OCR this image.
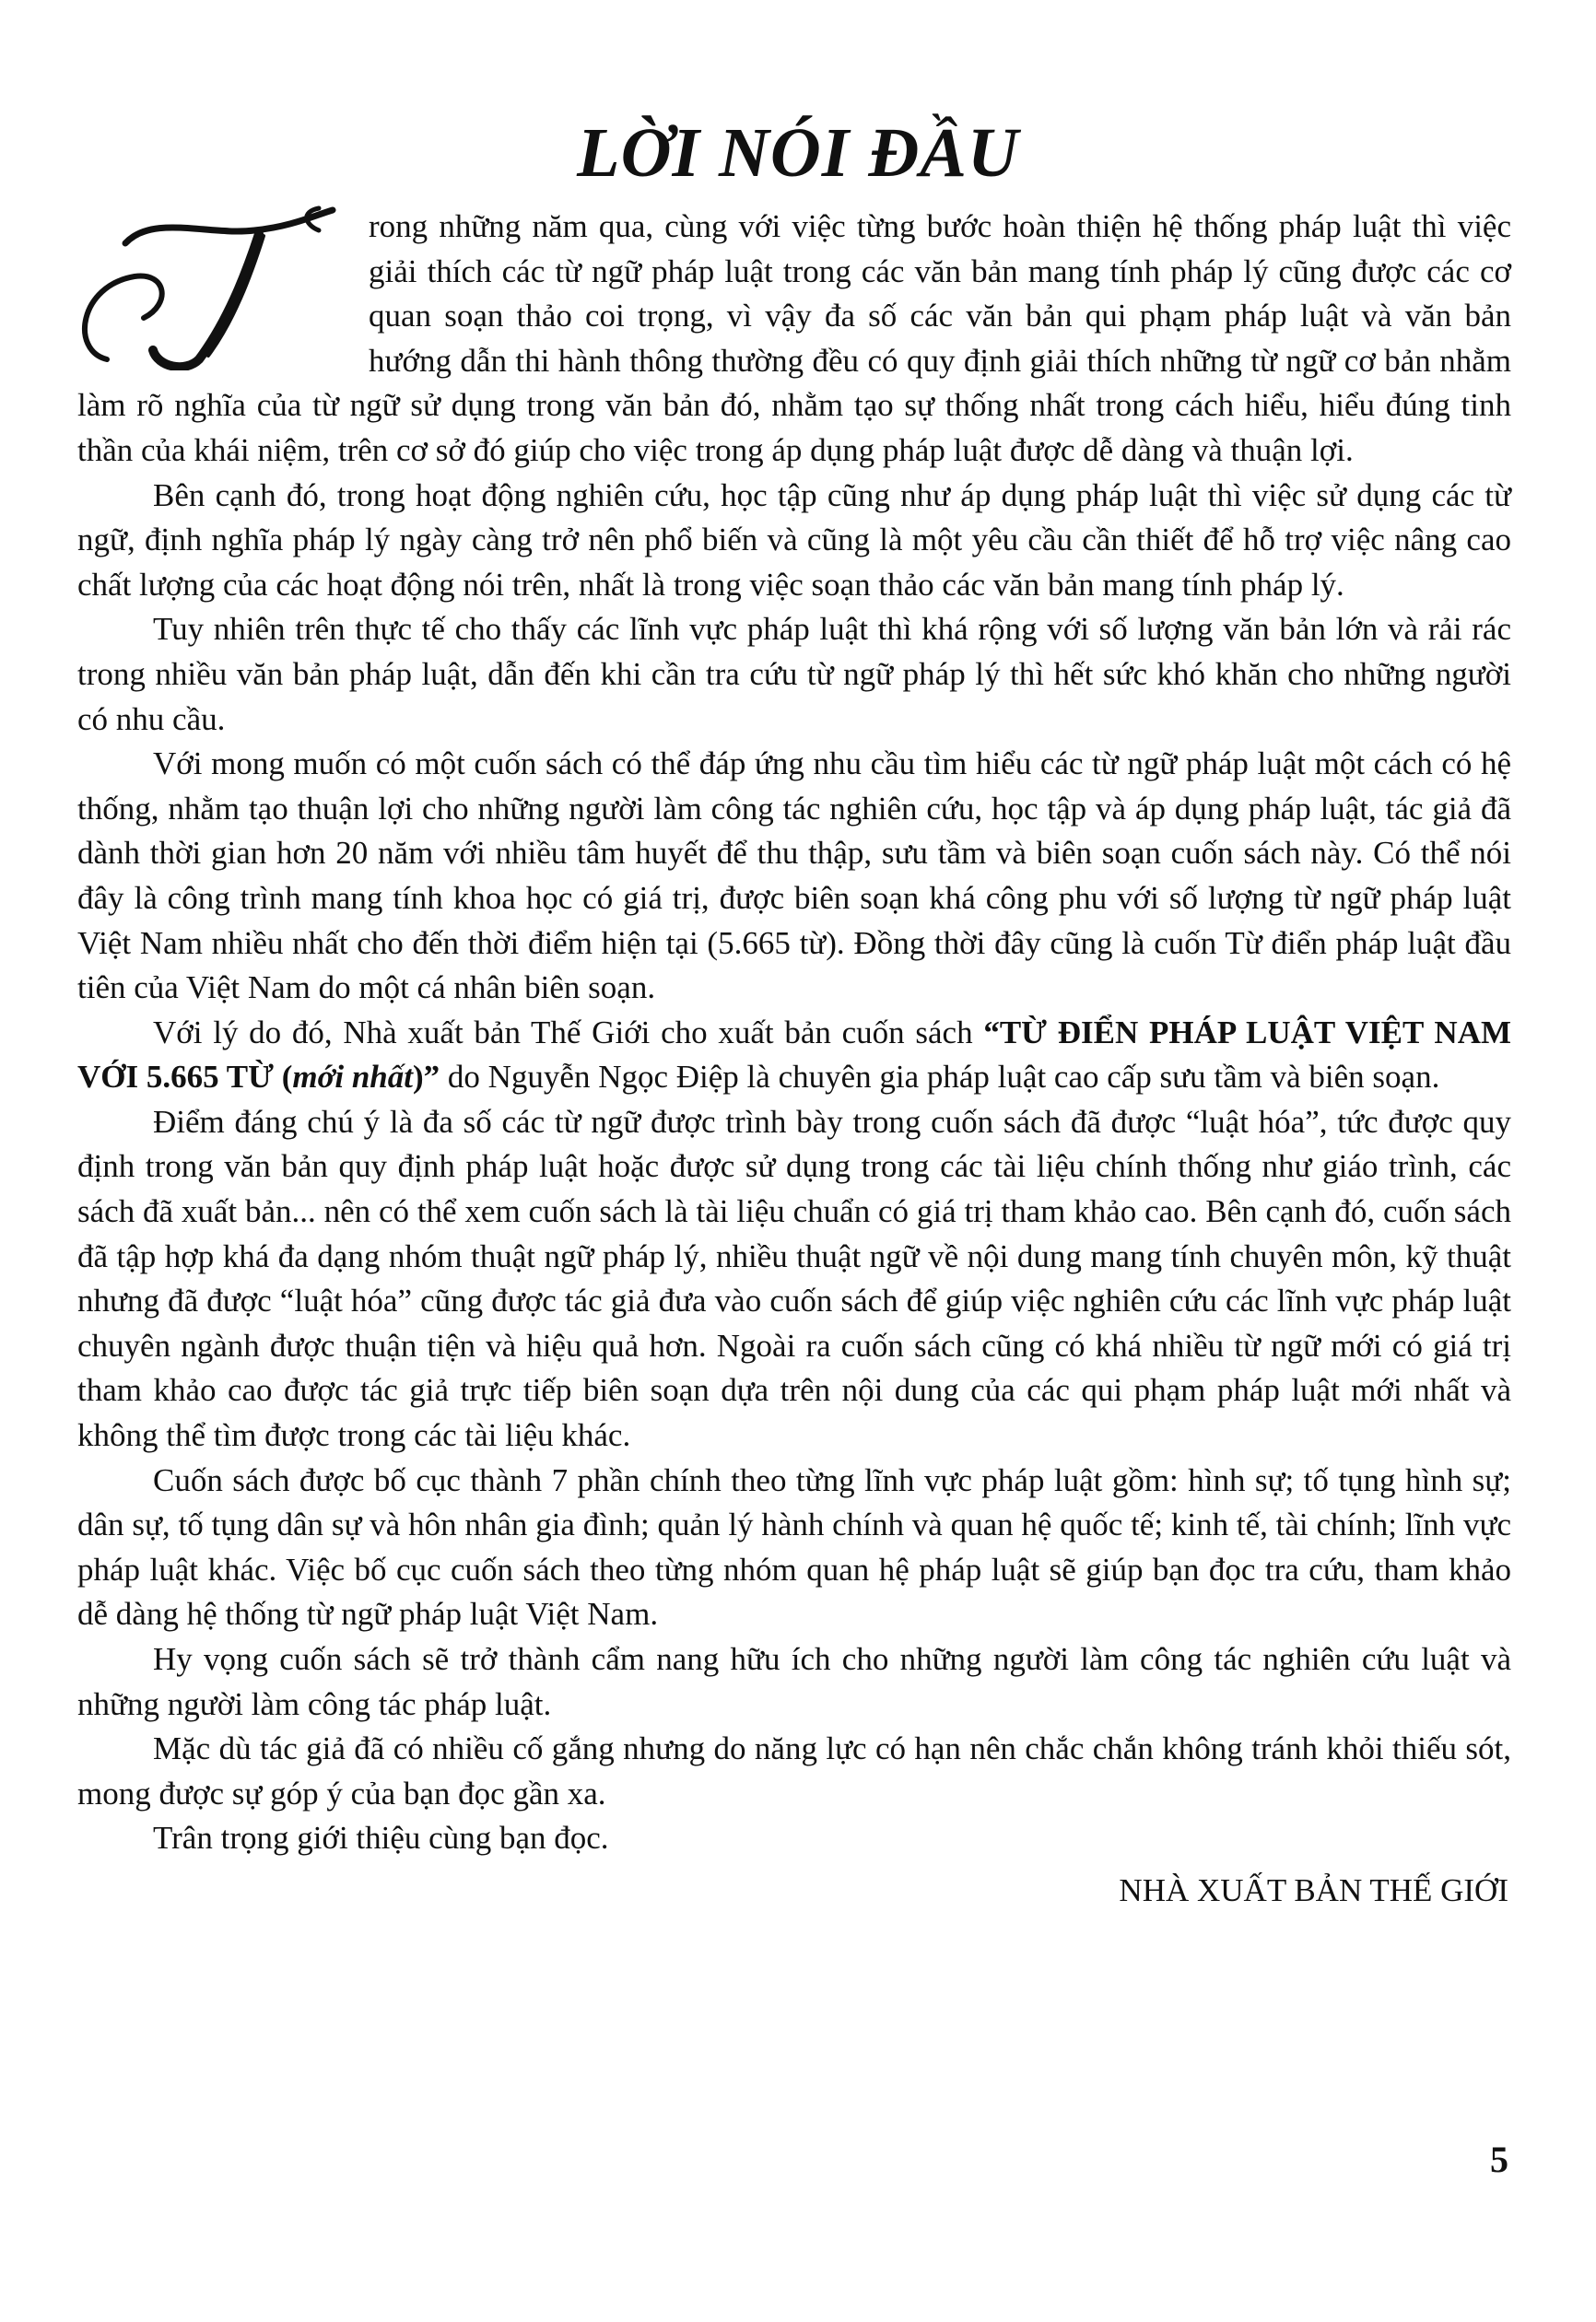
LỜI NÓI ĐẦU

rong những năm qua, cùng với việc từng bước hoàn thiện hệ thống pháp luật thì việc giải thích các từ ngữ pháp luật trong các văn bản mang tính pháp lý cũng được các cơ quan soạn thảo coi trọng, vì vậy đa số các văn bản qui phạm pháp luật và văn bản hướng dẫn thi hành thông thường đều có quy định giải thích những từ ngữ cơ bản nhằm làm rõ nghĩa của từ ngữ sử dụng trong văn bản đó, nhằm tạo sự thống nhất trong cách hiểu, hiểu đúng tinh thần của khái niệm, trên cơ sở đó giúp cho việc trong áp dụng pháp luật được dễ dàng và thuận lợi.

Bên cạnh đó, trong hoạt động nghiên cứu, học tập cũng như áp dụng pháp luật thì việc sử dụng các từ ngữ, định nghĩa pháp lý ngày càng trở nên phổ biến và cũng là một yêu cầu cần thiết để hỗ trợ việc nâng cao chất lượng của các hoạt động nói trên, nhất là trong việc soạn thảo các văn bản mang tính pháp lý.

Tuy nhiên trên thực tế cho thấy các lĩnh vực pháp luật thì khá rộng với số lượng văn bản lớn và rải rác trong nhiều văn bản pháp luật, dẫn đến khi cần tra cứu từ ngữ pháp lý thì hết sức khó khăn cho những người có nhu cầu.

Với mong muốn có một cuốn sách có thể đáp ứng nhu cầu tìm hiểu các từ ngữ pháp luật một cách có hệ thống, nhằm tạo thuận lợi cho những người làm công tác nghiên cứu, học tập và áp dụng pháp luật, tác giả đã dành thời gian hơn 20 năm với nhiều tâm huyết để thu thập, sưu tầm và biên soạn cuốn sách này. Có thể nói đây là công trình mang tính khoa học có giá trị, được biên soạn khá công phu với số lượng từ ngữ pháp luật Việt Nam nhiều nhất cho đến thời điểm hiện tại (5.665 từ). Đồng thời đây cũng là cuốn Từ điển pháp luật đầu tiên của Việt Nam do một cá nhân biên soạn.

Với lý do đó, Nhà xuất bản Thế Giới cho xuất bản cuốn sách “TỪ ĐIỂN PHÁP LUẬT VIỆT NAM VỚI 5.665 TỪ (mới nhất)” do Nguyễn Ngọc Điệp là chuyên gia pháp luật cao cấp sưu tầm và biên soạn.

Điểm đáng chú ý là đa số các từ ngữ được trình bày trong cuốn sách đã được “luật hóa”, tức được quy định trong văn bản quy định pháp luật hoặc được sử dụng trong các tài liệu chính thống như giáo trình, các sách đã xuất bản... nên có thể xem cuốn sách là tài liệu chuẩn có giá trị tham khảo cao. Bên cạnh đó, cuốn sách đã tập hợp khá đa dạng nhóm thuật ngữ pháp lý, nhiều thuật ngữ về nội dung mang tính chuyên môn, kỹ thuật nhưng đã được “luật hóa” cũng được tác giả đưa vào cuốn sách để giúp việc nghiên cứu các lĩnh vực pháp luật chuyên ngành được thuận tiện và hiệu quả hơn. Ngoài ra cuốn sách cũng có khá nhiều từ ngữ mới có giá trị tham khảo cao được tác giả trực tiếp biên soạn dựa trên nội dung của các qui phạm pháp luật mới nhất và không thể tìm được trong các tài liệu khác.

Cuốn sách được bố cục thành 7 phần chính theo từng lĩnh vực pháp luật gồm: hình sự; tố tụng hình sự; dân sự, tố tụng dân sự và hôn nhân gia đình; quản lý hành chính và quan hệ quốc tế; kinh tế, tài chính; lĩnh vực pháp luật khác. Việc bố cục cuốn sách theo từng nhóm quan hệ pháp luật sẽ giúp bạn đọc tra cứu, tham khảo dễ dàng hệ thống từ ngữ pháp luật Việt Nam.

Hy vọng cuốn sách sẽ trở thành cẩm nang hữu ích cho những người làm công tác nghiên cứu luật và những người làm công tác pháp luật.

Mặc dù tác giả đã có nhiều cố gắng nhưng do năng lực có hạn nên chắc chắn không tránh khỏi thiếu sót, mong được sự góp ý của bạn đọc gần xa.

Trân trọng giới thiệu cùng bạn đọc.

NHÀ XUẤT BẢN THẾ GIỚI
5
